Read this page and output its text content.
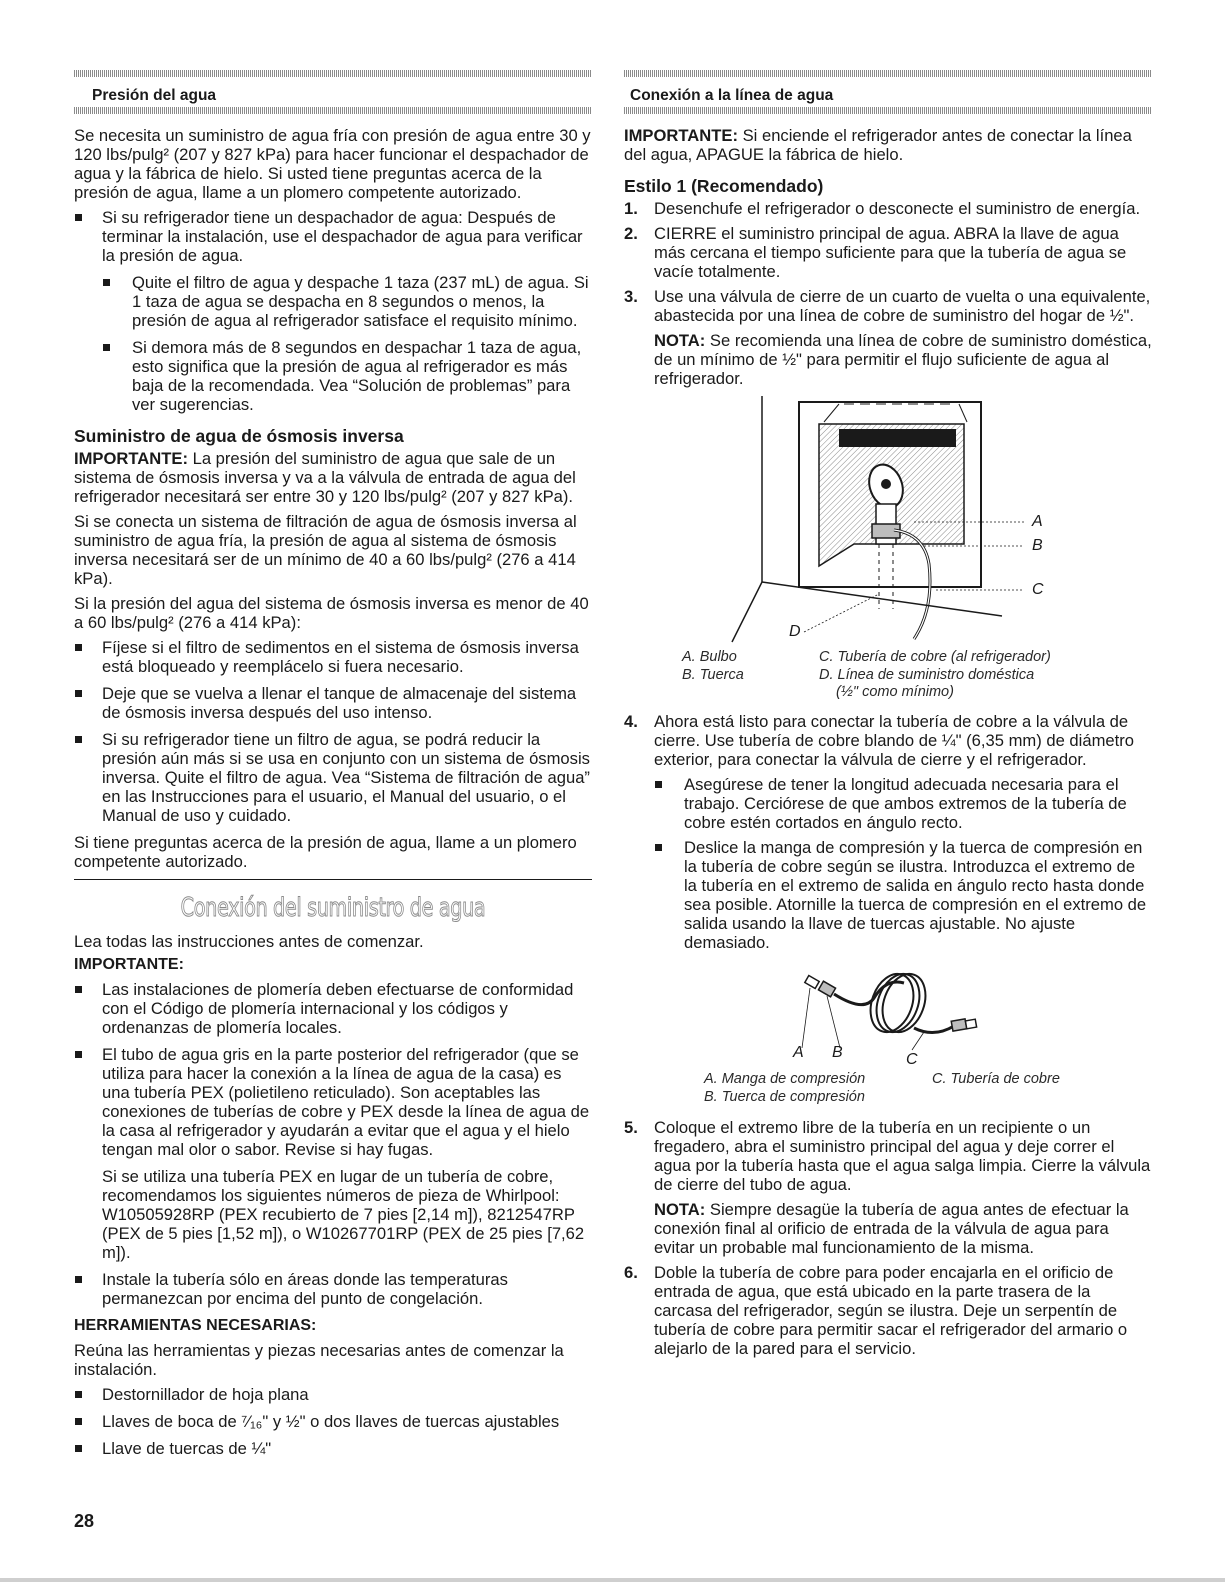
Presión del agua

Se necesita un suministro de agua fría con presión de agua entre 30 y 120 lbs/pulg² (207 y 827 kPa) para hacer funcionar el despachador de agua y la fábrica de hielo. Si usted tiene preguntas acerca de la presión de agua, llame a un plomero competente autorizado.

Si su refrigerador tiene un despachador de agua: Después de terminar la instalación, use el despachador de agua para verificar la presión de agua.
Quite el filtro de agua y despache 1 taza (237 mL) de agua. Si 1 taza de agua se despacha en 8 segundos o menos, la presión de agua al refrigerador satisface el requisito mínimo.
Si demora más de 8 segundos en despachar 1 taza de agua, esto significa que la presión de agua al refrigerador es más baja de la recomendada. Vea “Solución de problemas” para ver sugerencias.
Suministro de agua de ósmosis inversa

IMPORTANTE: La presión del suministro de agua que sale de un sistema de ósmosis inversa y va a la válvula de entrada de agua del refrigerador necesitará ser entre 30 y 120 lbs/pulg² (207 y 827 kPa).

Si se conecta un sistema de filtración de agua de ósmosis inversa al suministro de agua fría, la presión de agua al sistema de ósmosis inversa necesitará ser de un mínimo de 40 a 60 lbs/pulg² (276 a 414 kPa).

Si la presión del agua del sistema de ósmosis inversa es menor de 40 a 60 lbs/pulg² (276 a 414 kPa):

Fíjese si el filtro de sedimentos en el sistema de ósmosis inversa está bloqueado y reemplácelo si fuera necesario.
Deje que se vuelva a llenar el tanque de almacenaje del sistema de ósmosis inversa después del uso intenso.
Si su refrigerador tiene un filtro de agua, se podrá reducir la presión aún más si se usa en conjunto con un sistema de ósmosis inversa. Quite el filtro de agua. Vea “Sistema de filtración de agua” en las Instrucciones para el usuario, el Manual del usuario, o el Manual de uso y cuidado.

Si tiene preguntas acerca de la presión de agua, llame a un plomero competente autorizado.

Conexión del suministro de agua

Lea todas las instrucciones antes de comenzar.

IMPORTANTE:

Las instalaciones de plomería deben efectuarse de conformidad con el Código de plomería internacional y los códigos y ordenanzas de plomería locales.
El tubo de agua gris en la parte posterior del refrigerador (que se utiliza para hacer la conexión a la línea de agua de la casa) es una tubería PEX (polietileno reticulado). Son aceptables las conexiones de tuberías de cobre y PEX desde la línea de agua de la casa al refrigerador y ayudarán a evitar que el agua y el hielo tengan mal olor o sabor. Revise si hay fugas.

Si se utiliza una tubería PEX en lugar de un tubería de cobre, recomendamos los siguientes números de pieza de Whirlpool: W10505928RP (PEX recubierto de 7 pies [2,14 m]), 8212547RP (PEX de 5 pies [1,52 m]), o W10267701RP (PEX de 25 pies [7,62 m]).

Instale la tubería sólo en áreas donde las temperaturas permanezcan por encima del punto de congelación.

HERRAMIENTAS NECESARIAS:

Reúna las herramientas y piezas necesarias antes de comenzar la instalación.

Destornillador de hoja plana
Llaves de boca de ⁷⁄₁₆" y ½" o dos llaves de tuercas ajustables
Llave de tuercas de ¼"
Conexión a la línea de agua

IMPORTANTE: Si enciende el refrigerador antes de conectar la línea del agua, APAGUE la fábrica de hielo.

Estilo 1 (Recomendado)
1. Desenchufe el refrigerador o desconecte el suministro de energía.
2. CIERRE el suministro principal de agua. ABRA la llave de agua más cercana el tiempo suficiente para que la tubería de agua se vacíe totalmente.
3. Use una válvula de cierre de un cuarto de vuelta o una equivalente, abastecida por una línea de cobre de suministro del hogar de ½".

NOTA: Se recomienda una línea de cobre de suministro doméstica, de un mínimo de ½" para permitir el flujo suficiente de agua al refrigerador.

A
B
C
D
A. Bulbo
B. Tuerca
C. Tubería de cobre (al refrigerador)
D. Línea de suministro doméstica
(½" como mínimo)
4. Ahora está listo para conectar la tubería de cobre a la válvula de cierre. Use tubería de cobre blando de ¼" (6,35 mm) de diámetro exterior, para conectar la válvula de cierre y el refrigerador.
Asegúrese de tener la longitud adecuada necesaria para el trabajo. Cerciórese de que ambos extremos de la tubería de cobre estén cortados en ángulo recto.
Deslice la manga de compresión y la tuerca de compresión en la tubería de cobre según se ilustra. Introduzca el extremo de la tubería en el extremo de salida en ángulo recto hasta donde sea posible. Atornille la tuerca de compresión en el extremo de salida usando la llave de tuercas ajustable. No ajuste demasiado.
A B	C
A. Manga de compresión
B. Tuerca de compresión
C. Tubería de cobre
5. Coloque el extremo libre de la tubería en un recipiente o un fregadero, abra el suministro principal del agua y deje correr el agua por la tubería hasta que el agua salga limpia. Cierre la válvula de cierre del tubo de agua.

NOTA: Siempre desagüe la tubería de agua antes de efectuar la conexión final al orificio de entrada de la válvula de agua para evitar un probable mal funcionamiento de la misma.

6. Doble la tubería de cobre para poder encajarla en el orificio de entrada de agua, que está ubicado en la parte trasera de la carcasa del refrigerador, según se ilustra. Deje un serpentín de tubería de cobre para permitir sacar el refrigerador del armario o alejarlo de la pared para el servicio.
28
